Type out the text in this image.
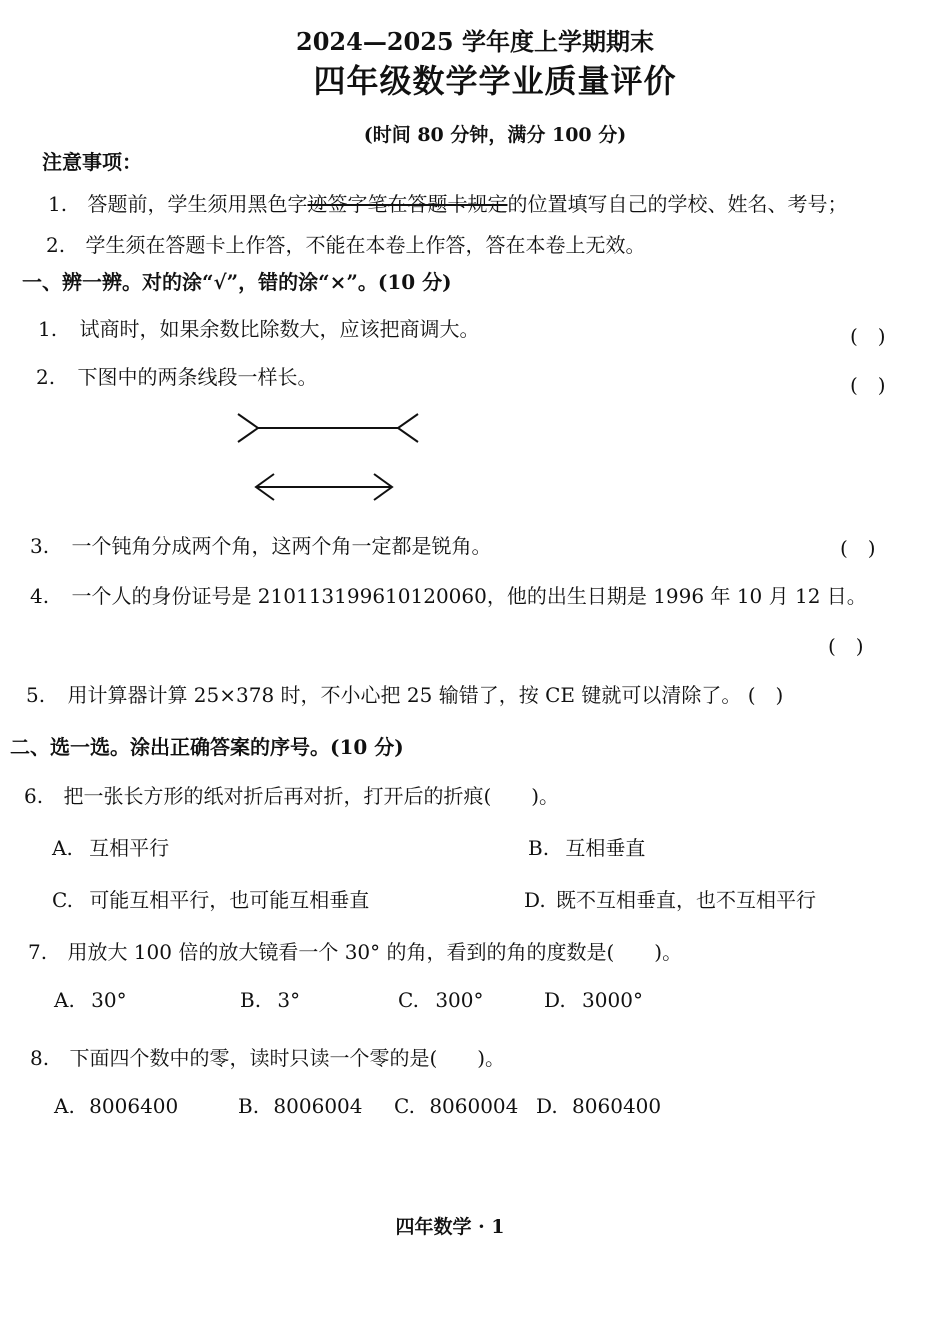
2024—2025 学年度上学期期末
四年级数学学业质量评价
(时间 80 分钟，满分 100 分)
注意事项：
1. 答题前，学生须用黑色字迹签字笔在答题卡规定的位置填写自己的学校、姓名、考号；
2. 学生须在答题卡上作答，不能在本卷上作答，答在本卷上无效。
一、辨一辨。对的涂“√”，错的涂“×”。(10 分)
1. 试商时，如果余数比除数大，应该把商调大。	(　)
2. 下图中的两条线段一样长。	(　)
3. 一个钝角分成两个角，这两个角一定都是锐角。	(　)
4. 一个人的身份证号是 210113199610120060，他的出生日期是 1996 年 10 月 12 日。
(　)
5. 用计算器计算 25×378 时，不小心把 25 输错了，按 CE 键就可以清除了。 (　)
二、选一选。涂出正确答案的序号。(10 分)
6. 把一张长方形的纸对折后再对折，打开后的折痕(　　)。
A. 互相平行	B. 互相垂直
C. 可能互相平行，也可能互相垂直	D. 既不互相垂直，也不互相平行
7. 用放大 100 倍的放大镜看一个 30° 的角，看到的角的度数是(　　)。
A. 30°	B. 3°	C. 300°	D. 3000°
8. 下面四个数中的零，读时只读一个零的是(　　)。
A. 8006400	B. 8006004 C. 8060004 D. 8060400
四年数学 · 1
